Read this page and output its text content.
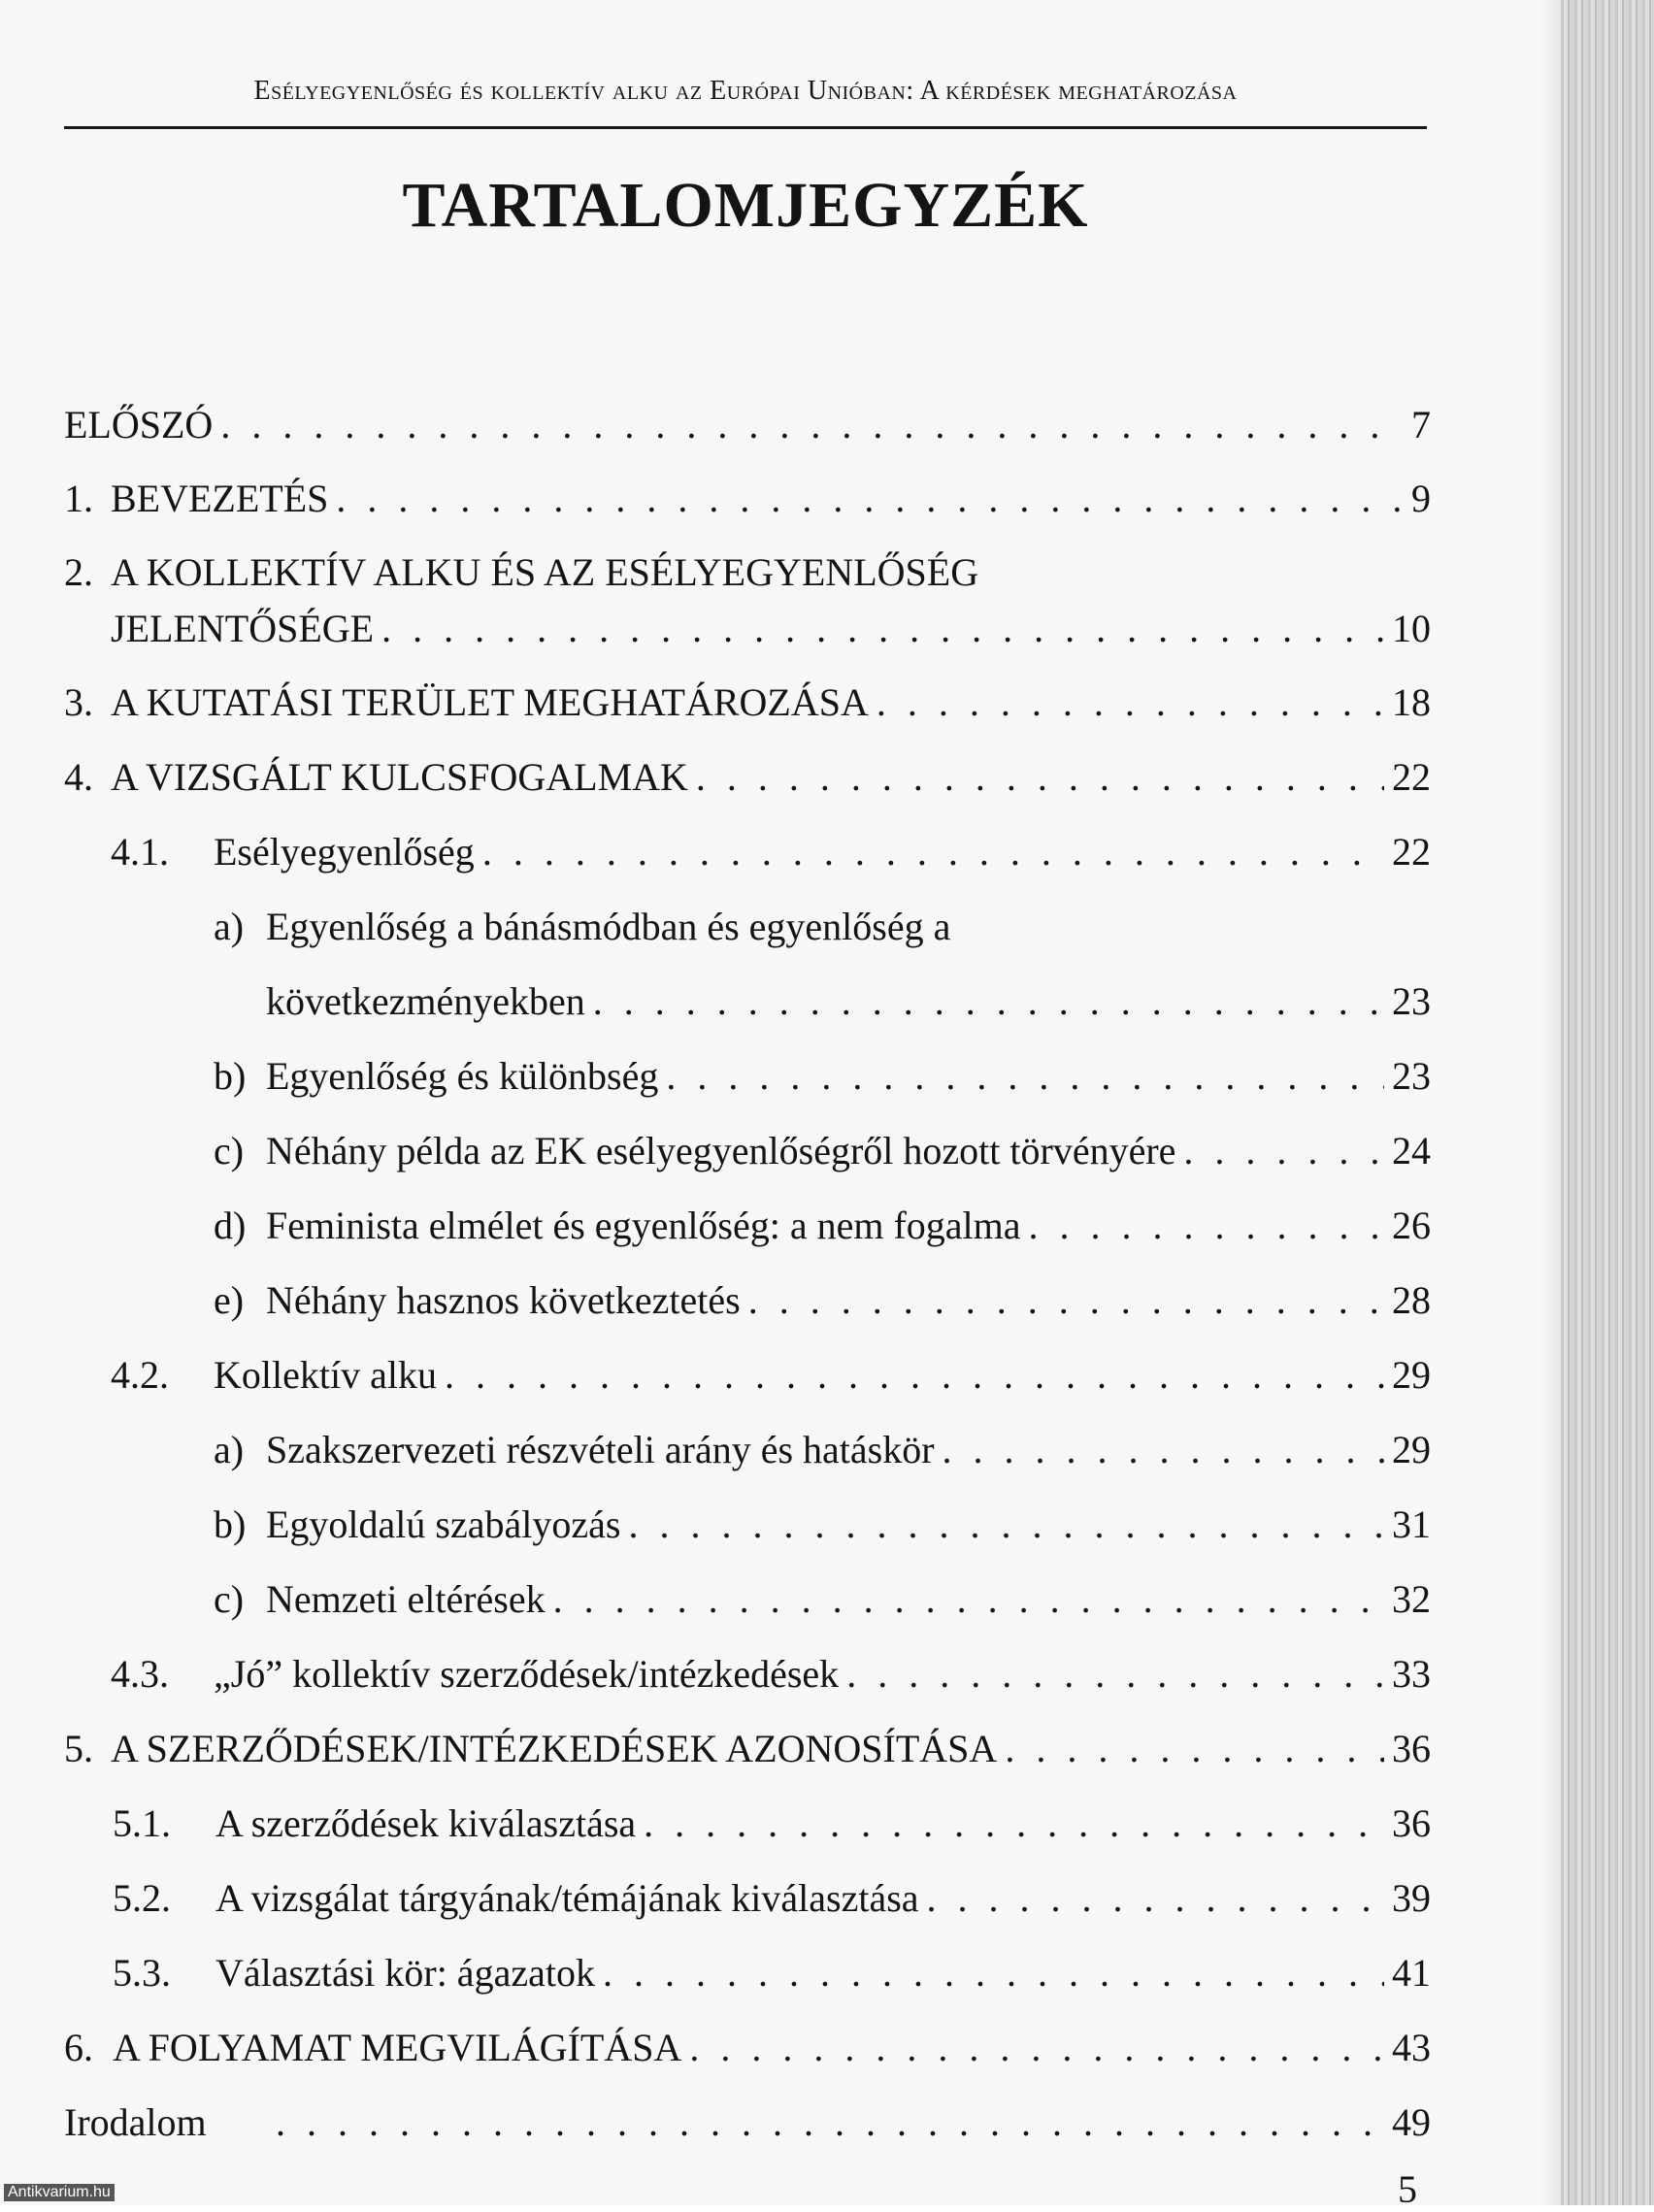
Esélyegyenlőség és kollektív alku az Európai Unióban: A kérdések meghatározása
TARTALOMJEGYZÉK
ELŐSZÓ . . .	7
1. BEVEZETÉS . . .	9
2. A KOLLEKTÍV ALKU ÉS AZ ESÉLYEGYENLŐSÉG
JELENTŐSÉGE . . .	10
3. A KUTATÁSI TERÜLET MEGHATÁROZÁSA . . .	18
4. A VIZSGÁLT KULCSFOGALMAK . . .	22
4.1.	Esélyegyenlőség . . .	22
a) Egyenlőség a bánásmódban és egyenlőség a
következményekben . . .	23
b) Egyenlőség és különbség . . .	23
c) Néhány példa az EK esélyegyenlőségről hozott törvényére . . .	24
d) Feminista elmélet és egyenlőség: a nem fogalma . . .	26
e) Néhány hasznos következtetés . . .	28
4.2.	Kollektív alku . . .	29
a) Szakszervezeti részvételi arány és hatáskör . . .	29
b) Egyoldalú szabályozás . . .	31
c) Nemzeti eltérések . . .	32
4.3.	„Jó” kollektív szerződések/intézkedések . . .	33
5. A SZERZŐDÉSEK/INTÉZKEDÉSEK AZONOSÍTÁSA . . .	36
5.1.	A szerződések kiválasztása . . .	36
5.2.	A vizsgálat tárgyának/témájának kiválasztása . . .	39
5.3.	Választási kör: ágazatok . . .	41
6. A FOLYAMAT MEGVILÁGÍTÁSA . . .	43
Irodalom . . .	49
5
Antikvarium.hu
